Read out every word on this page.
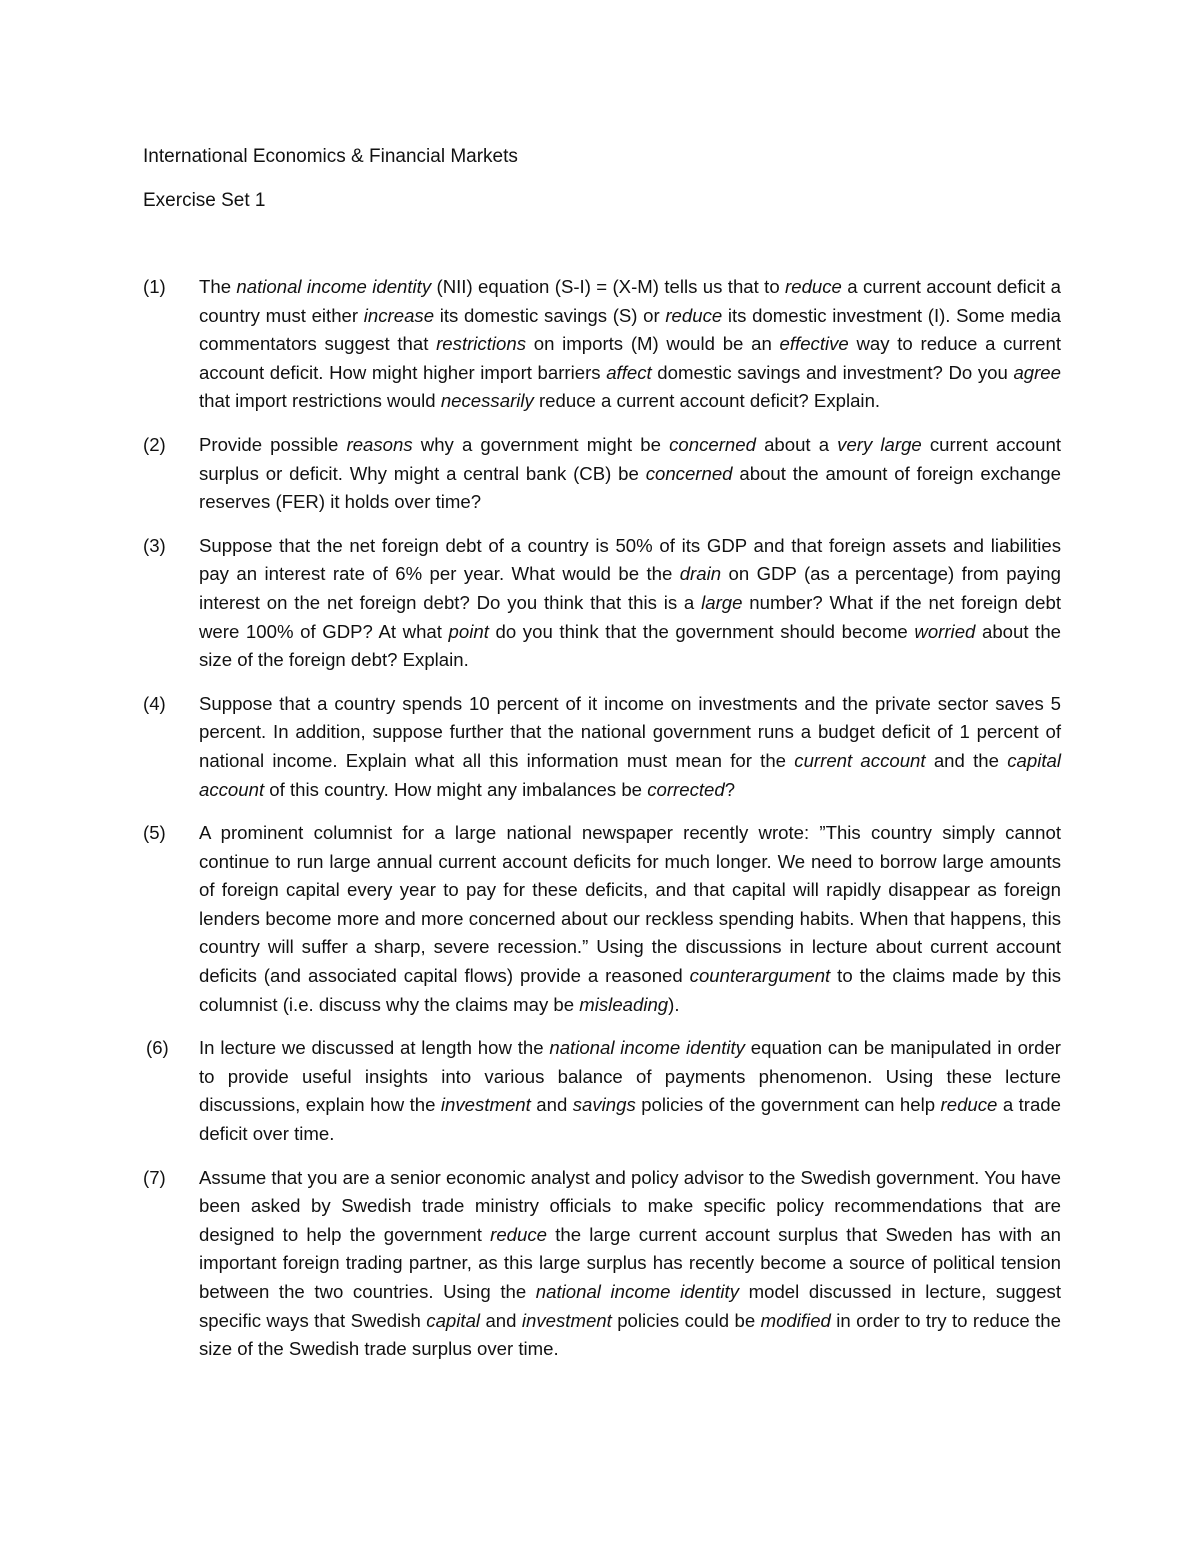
International Economics & Financial Markets
Exercise Set 1
(1) The national income identity (NII) equation (S-I) = (X-M) tells us that to reduce a current account deficit a country must either increase its domestic savings (S) or reduce its domestic investment (I). Some media commentators suggest that restrictions on imports (M) would be an effective way to reduce a current account deficit. How might higher import barriers affect domestic savings and investment? Do you agree that import restrictions would necessarily reduce a current account deficit? Explain.
(2) Provide possible reasons why a government might be concerned about a very large current account surplus or deficit. Why might a central bank (CB) be concerned about the amount of foreign exchange reserves (FER) it holds over time?
(3) Suppose that the net foreign debt of a country is 50% of its GDP and that foreign assets and liabilities pay an interest rate of 6% per year. What would be the drain on GDP (as a percentage) from paying interest on the net foreign debt? Do you think that this is a large number? What if the net foreign debt were 100% of GDP? At what point do you think that the government should become worried about the size of the foreign debt? Explain.
(4) Suppose that a country spends 10 percent of it income on investments and the private sector saves 5 percent. In addition, suppose further that the national government runs a budget deficit of 1 percent of national income. Explain what all this information must mean for the current account and the capital account of this country. How might any imbalances be corrected?
(5) A prominent columnist for a large national newspaper recently wrote: ”This country simply cannot continue to run large annual current account deficits for much longer. We need to borrow large amounts of foreign capital every year to pay for these deficits, and that capital will rapidly disappear as foreign lenders become more and more concerned about our reckless spending habits. When that happens, this country will suffer a sharp, severe recession.” Using the discussions in lecture about current account deficits (and associated capital flows) provide a reasoned counterargument to the claims made by this columnist (i.e. discuss why the claims may be misleading).
(6) In lecture we discussed at length how the national income identity equation can be manipulated in order to provide useful insights into various balance of payments phenomenon. Using these lecture discussions, explain how the investment and savings policies of the government can help reduce a trade deficit over time.
(7) Assume that you are a senior economic analyst and policy advisor to the Swedish government. You have been asked by Swedish trade ministry officials to make specific policy recommendations that are designed to help the government reduce the large current account surplus that Sweden has with an important foreign trading partner, as this large surplus has recently become a source of political tension between the two countries. Using the national income identity model discussed in lecture, suggest specific ways that Swedish capital and investment policies could be modified in order to try to reduce the size of the Swedish trade surplus over time.
